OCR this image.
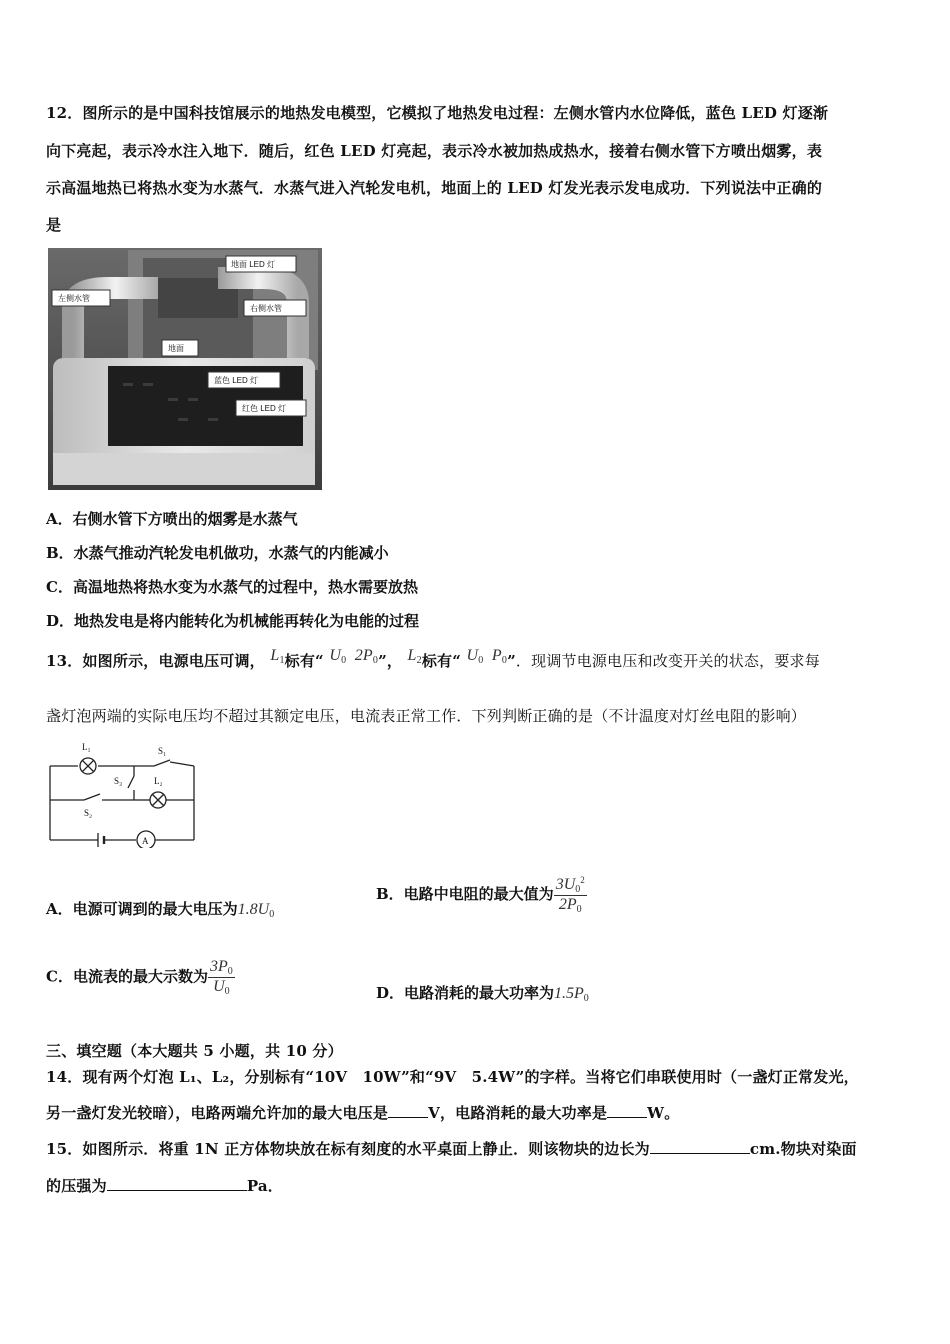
12．图所示的是中国科技馆展示的地热发电模型，它模拟了地热发电过程：左侧水管内水位降低，蓝色 LED 灯逐渐
向下亮起，表示冷水注入地下．随后，红色 LED 灯亮起，表示冷水被加热成热水，接着右侧水管下方喷出烟雾，表
示高温地热已将热水变为水蒸气．水蒸气进入汽轮发电机，地面上的 LED 灯发光表示发电成功．下列说法中正确的
是
地面 LED 灯
左侧水管
右侧水管
地面
蓝色 LED 灯
红色 LED 灯
A．右侧水管下方喷出的烟雾是水蒸气
B．水蒸气推动汽轮发电机做功，水蒸气的内能减小
C．高温地热将热水变为水蒸气的过程中，热水需要放热
D．地热发电是将内能转化为机械能再转化为电能的过程
13．如图所示，电源电压可调， $L_1$标有“ $U_0$ $2P_0$”， $L_2$标有“ $U_0$ $P_0$”．现调节电源电压和改变开关的状态，要求每
盏灯泡两端的实际电压均不超过其额定电压，电流表正常工作．下列判断正确的是（不计温度对灯丝电阻的影响）
L₁	S₁
S₃	L₂
S₂
A
A．电源可调到的最大电压为$1.8U_0$
B．电路中电阻的最大值为 $\frac{3U_0^2}{2P_0}$
C．电流表的最大示数为 $\frac{3P_0}{U_0}$	D．电路消耗的最大功率为$1.5P_0$
三、填空题（本大题共 5 小题，共 10 分）
14．现有两个灯泡 L₁、L₂，分别标有“10V　10W”和“9V　5.4W”的字样。当将它们串联使用时（一盏灯正常发光，
另一盏灯发光较暗），电路两端允许加的最大电压是	V，电路消耗的最大功率是	W。
15．如图所示．将重 1N 正方体物块放在标有刻度的水平桌面上静止．则该物块的边长为	cm.物块对染面
的压强为	Pa．
